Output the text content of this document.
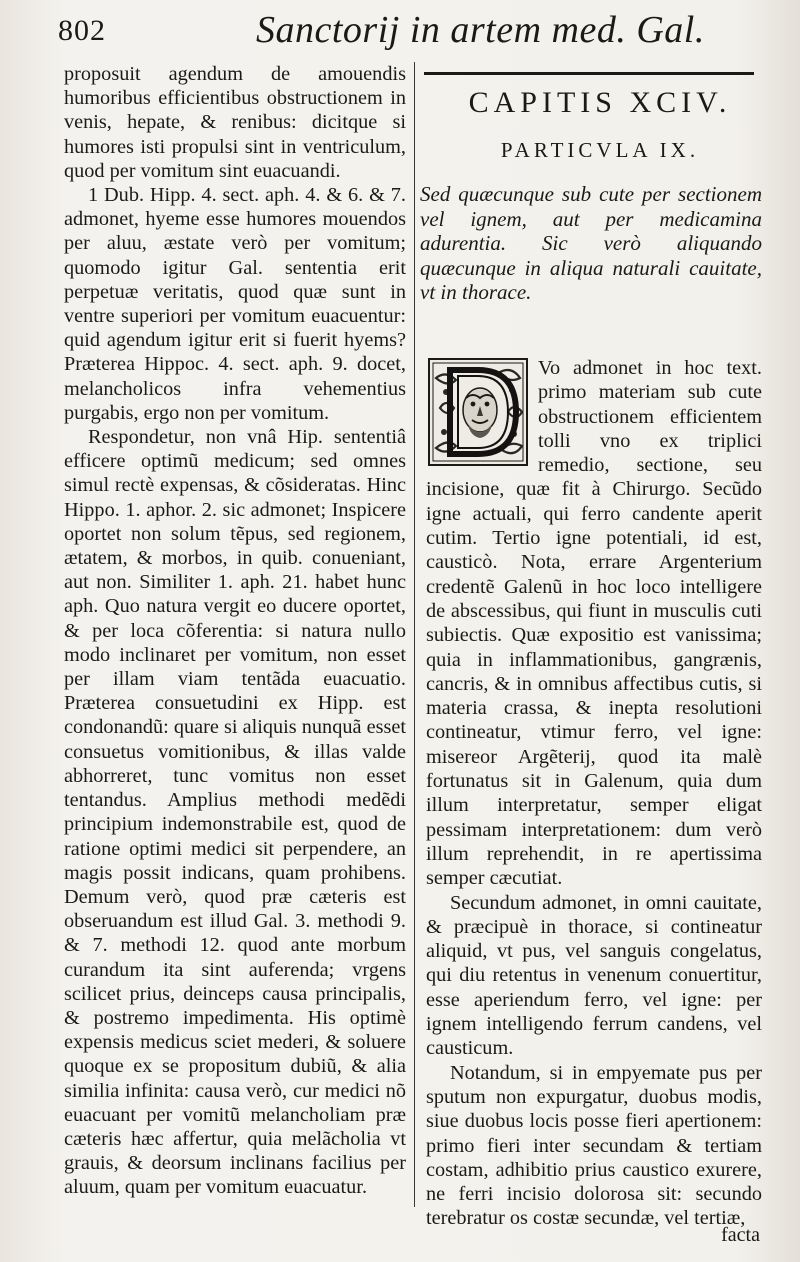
802	Sanctorij in artem med. Gal.

proposuit agendum de amouendis humoribus efficientibus obstructionem in venis, hepate, & renibus: dicitque si humores isti propulsi sint in ventriculum, quod per vomitum sint euacuandi.

1 Dub. Hipp. 4. sect. aph. 4. & 6. & 7. admonet, hyeme esse humores mouendos per aluu, æstate verò per vomitum; quomodo igitur Gal. sententia erit perpetuæ veritatis, quod quæ sunt in ventre superiori per vomitum euacuentur: quid agendum igitur erit si fuerit hyems? Præterea Hippoc. 4. sect. aph. 9. docet, melancholicos infra vehementius purgabis, ergo non per vomitum.

Respondetur, non vnâ Hip. sententiâ efficere optimũ medicum; sed omnes simul rectè expensas, & cõsideratas. Hinc Hippo. 1. aphor. 2. sic admonet; Inspicere oportet non solum tẽpus, sed regionem, ætatem, & morbos, in quib. conueniant, aut non. Similiter 1. aph. 21. habet hunc aph. Quo natura vergit eo ducere oportet, & per loca cõferentia: si natura nullo modo inclinaret per vomitum, non esset per illam viam tentãda euacuatio. Præterea consuetudini ex Hipp. est condonandũ: quare si aliquis nunquã esset consuetus vomitionibus, & illas valde abhorreret, tunc vomitus non esset tentandus. Amplius methodi medẽdi principium indemonstrabile est, quod de ratione optimi medici sit perpendere, an magis possit indicans, quam prohibens. Demum verò, quod præ cæteris est obseruandum est illud Gal. 3. methodi 9. & 7. methodi 12. quod ante morbum curandum ita sint auferenda; vrgens scilicet prius, deinceps causa principalis, & postremo impedimenta. His optimè expensis medicus sciet mederi, & soluere quoque ex se propositum dubiũ, & alia similia infinita: causa verò, cur medici nõ euacuant per vomitũ melancholiam præ cæteris hæc affertur, quia melãcholia vt grauis, & deorsum inclinans facilius per aluum, quam per vomitum euacuatur.

CAPITIS XCIV.
PARTICVLA IX.

Sed quæcunque sub cute per sectionem vel ignem, aut per medicamina adurentia. Sic verò aliquando quæcunque in aliqua naturali cauitate, vt in thorace.

Vo admonet in hoc text. primo materiam sub cute obstructionem efficientem tolli vno ex triplici remedio, sectione, seu incisione, quæ fit à Chirurgo. Secũdo igne actuali, qui ferro candente aperit cutim. Tertio igne potentiali, id est, causticò. Nota, errare Argenterium credentẽ Galenũ in hoc loco intelligere de abscessibus, qui fiunt in musculis cuti subiectis. Quæ expositio est vanissima; quia in inflammationibus, gangrænis, cancris, & in omnibus affectibus cutis, si materia crassa, & inepta resolutioni contineatur, vtimur ferro, vel igne: misereor Argẽterij, quod ita malè fortunatus sit in Galenum, quia dum illum interpretatur, semper eligat pessimam interpretationem: dum verò illum reprehendit, in re apertissima semper cæcutiat.

Secundum admonet, in omni cauitate, & præcipuè in thorace, si contineatur aliquid, vt pus, vel sanguis congelatus, qui diu retentus in venenum conuertitur, esse aperiendum ferro, vel igne: per ignem intelligendo ferrum candens, vel causticum.

Notandum, si in empyemate pus per sputum non expurgatur, duobus modis, siue duobus locis posse fieri apertionem: primo fieri inter secundam & tertiam costam, adhibitio prius caustico exurere, ne ferri incisio dolorosa sit: secundo terebratur os costæ secundæ, vel tertiæ,

facta
